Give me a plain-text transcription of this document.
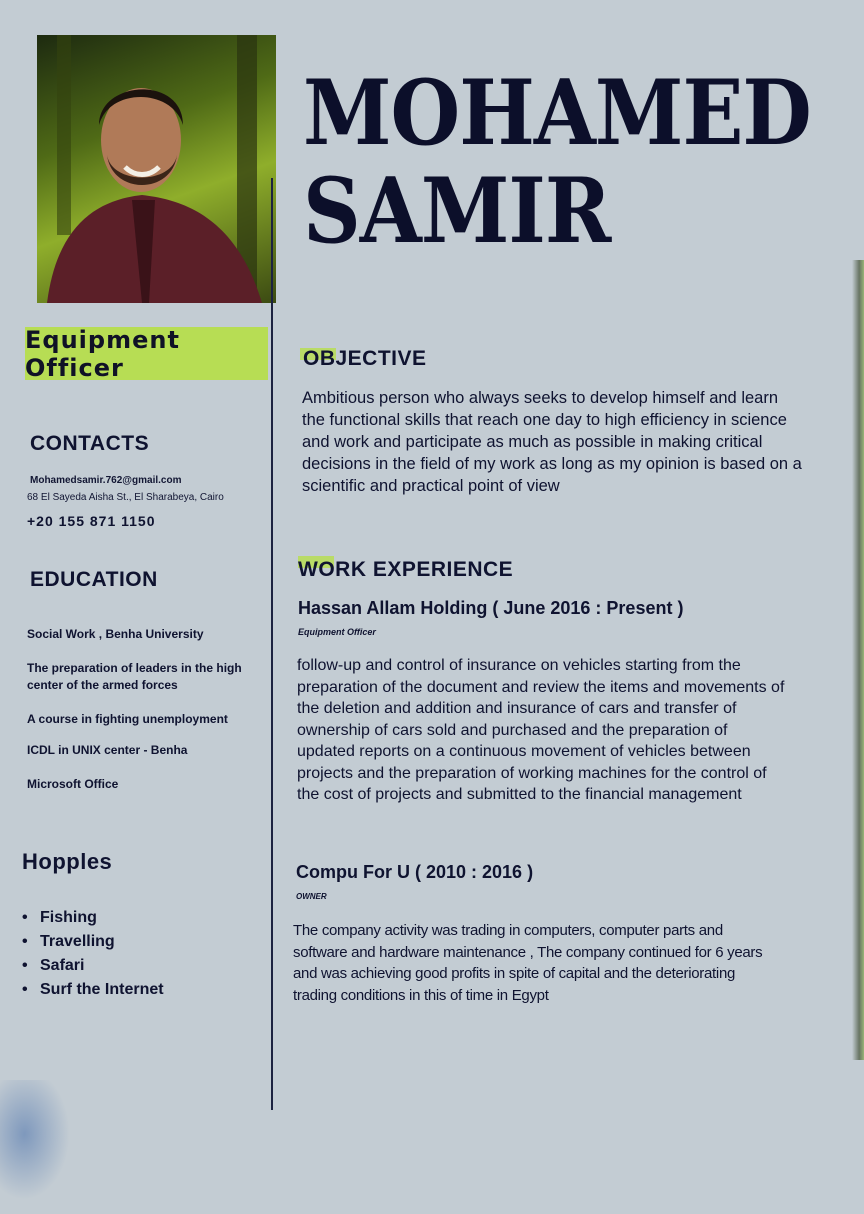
MOHAMED
SAMIR
Equipment Officer
CONTACTS
Mohamedsamir.762@gmail.com
68 El Sayeda Aisha St., El Sharabeya, Cairo
+20 155 871 1150
EDUCATION
Social Work , Benha University
The preparation of leaders in the high center of the armed forces
A course in fighting unemployment
ICDL in UNIX center - Benha
Microsoft Office
Hopples
• Fishing
• Travelling
• Safari
• Surf the Internet
OBJECTIVE
Ambitious person who always seeks to develop himself and learn the functional skills that reach one day to high efficiency in science and work and participate as much as possible in making critical decisions in the field of my work as long as my opinion is based on a scientific and practical point of view
WORK EXPERIENCE
Hassan Allam Holding ( June 2016 : Present )
Equipment Officer
follow-up and control of insurance on vehicles starting from the preparation of the document and review the items and movements of the deletion and addition and insurance of cars and transfer of ownership of cars sold and purchased and the preparation of updated reports on a continuous movement of vehicles between projects and the preparation of working machines for the control of the cost of projects and submitted to the financial management
Compu For U ( 2010 : 2016 )
OWNER
The company activity was trading in computers, computer parts and software and hardware maintenance , The company continued for 6 years and was achieving good profits in spite of capital and the deteriorating trading conditions in this of time in Egypt
